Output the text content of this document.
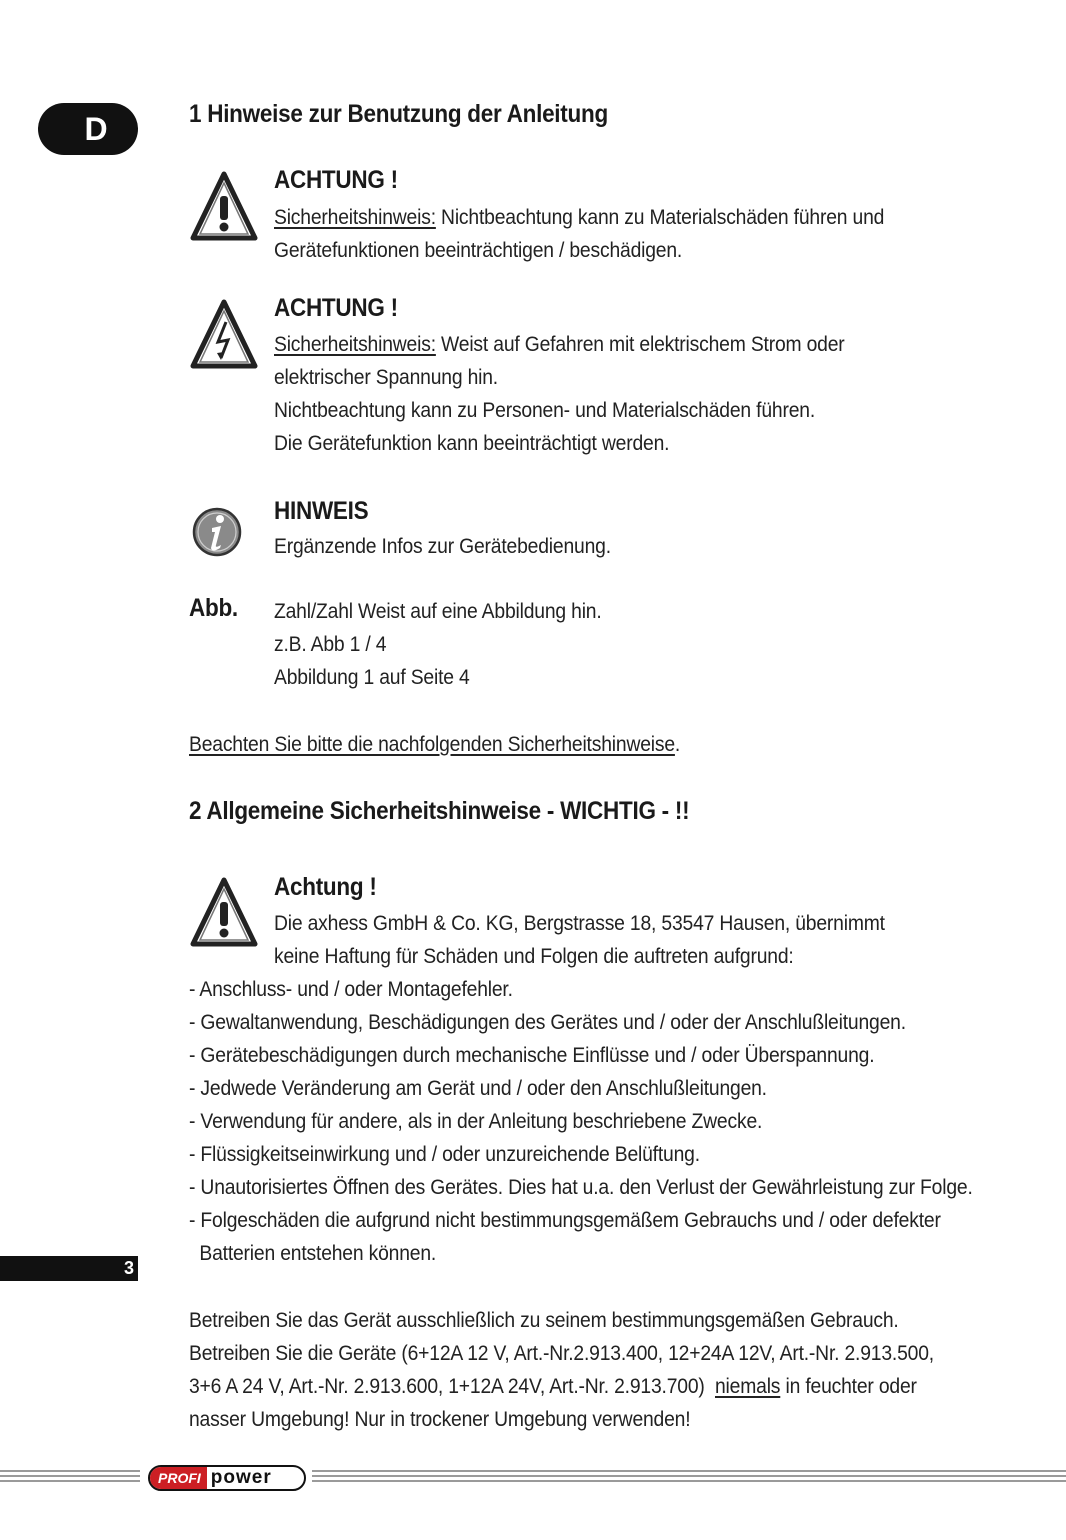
D
3
1 Hinweise zur Benutzung der Anleitung
ACHTUNG !
Sicherheitshinweis: Nichtbeachtung kann zu Materialschäden führen und
Gerätefunktionen beeinträchtigen / beschädigen.
ACHTUNG !
Sicherheitshinweis: Weist auf Gefahren mit elektrischem Strom oder
elektrischer Spannung hin.
Nichtbeachtung kann zu Personen- und Materialschäden führen.
Die Gerätefunktion kann beeinträchtigt werden.
HINWEIS
Ergänzende Infos zur Gerätebedienung.
Abb. Zahl/Zahl Weist auf eine Abbildung hin.
z.B. Abb 1 / 4
Abbildung 1 auf Seite 4
Beachten Sie bitte die nachfolgenden Sicherheitshinweise.
2 Allgemeine Sicherheitshinweise - WICHTIG - !!
Achtung !
Die axhess GmbH & Co. KG, Bergstrasse 18, 53547 Hausen, übernimmt
keine Haftung für Schäden und Folgen die auftreten aufgrund:
- Anschluss- und / oder Montagefehler.
- Gewaltanwendung, Beschädigungen des Gerätes und / oder der Anschlußleitungen.
- Gerätebeschädigungen durch mechanische Einflüsse und / oder Überspannung.
- Jedwede Veränderung am Gerät und / oder den Anschlußleitungen.
- Verwendung für andere, als in der Anleitung beschriebene Zwecke.
- Flüssigkeitseinwirkung und / oder unzureichende Belüftung.
- Unautorisiertes Öffnen des Gerätes. Dies hat u.a. den Verlust der Gewährleistung zur Folge.
- Folgeschäden die aufgrund nicht bestimmungsgemäßem Gebrauchs und / oder defekter
Batterien entstehen können.
Betreiben Sie das Gerät ausschließlich zu seinem bestimmungsgemäßen Gebrauch.
Betreiben Sie die Geräte (6+12A 12 V, Art.-Nr.2.913.400, 12+24A 12V, Art.-Nr. 2.913.500,
3+6 A 24 V, Art.-Nr. 2.913.600, 1+12A 24V, Art.-Nr. 2.913.700)  niemals in feuchter oder
nasser Umgebung! Nur in trockener Umgebung verwenden!
PROFI power
